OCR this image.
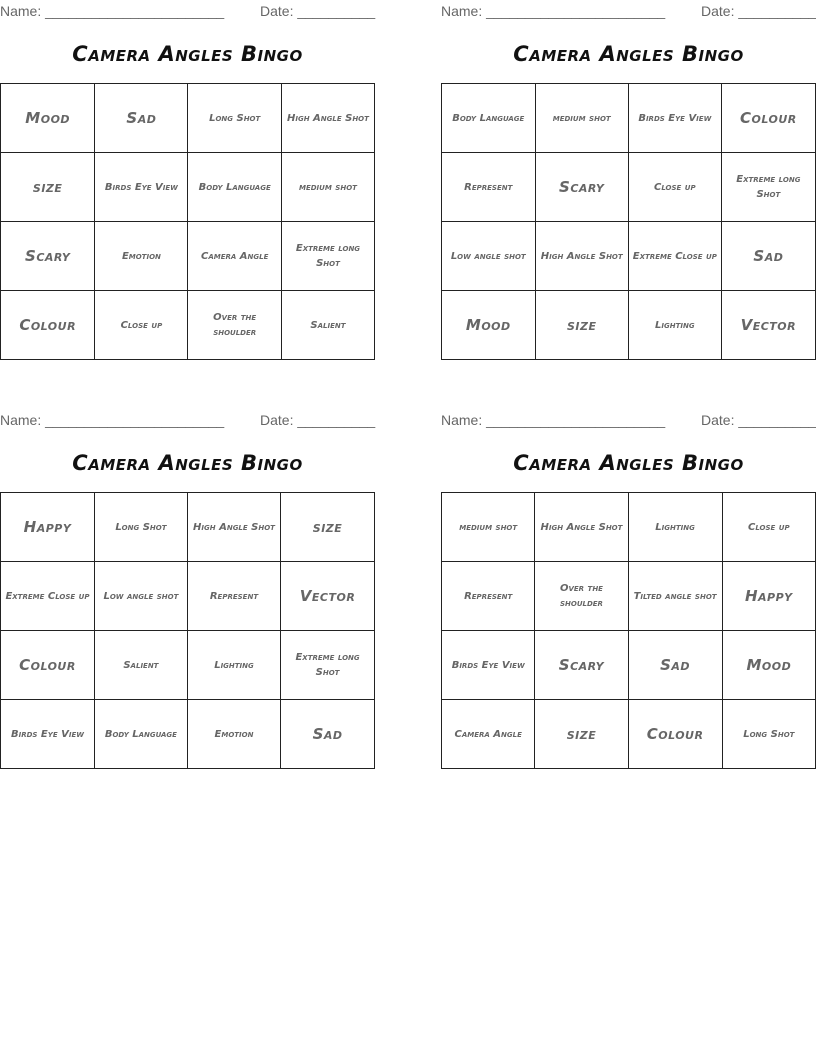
Name: _______________________	Date: __________
Camera Angles Bingo
Mood	Sad	Long Shot	High Angle Shot
size	Birds Eye View	Body Language	medium shot
Scary	Emotion	Camera Angle	Extreme long Shot
Colour	Close up	Over the shoulder	Salient
Name: _______________________	Date: __________
Camera Angles Bingo
Body Language	medium shot	Birds Eye View	Colour
Represent	Scary	Close up	Extreme long Shot
Low angle shot	High Angle Shot	Extreme Close up	Sad
Mood	size	Lighting	Vector
Name: _______________________	Date: __________
Camera Angles Bingo
Happy	Long Shot	High Angle Shot	size
Extreme Close up	Low angle shot	Represent	Vector
Colour	Salient	Lighting	Extreme long Shot
Birds Eye View	Body Language	Emotion	Sad
Name: _______________________	Date: __________
Camera Angles Bingo
medium shot	High Angle Shot	Lighting	Close up
Represent	Over the shoulder	Tilted angle shot	Happy
Birds Eye View	Scary	Sad	Mood
Camera Angle	size	Colour	Long Shot
